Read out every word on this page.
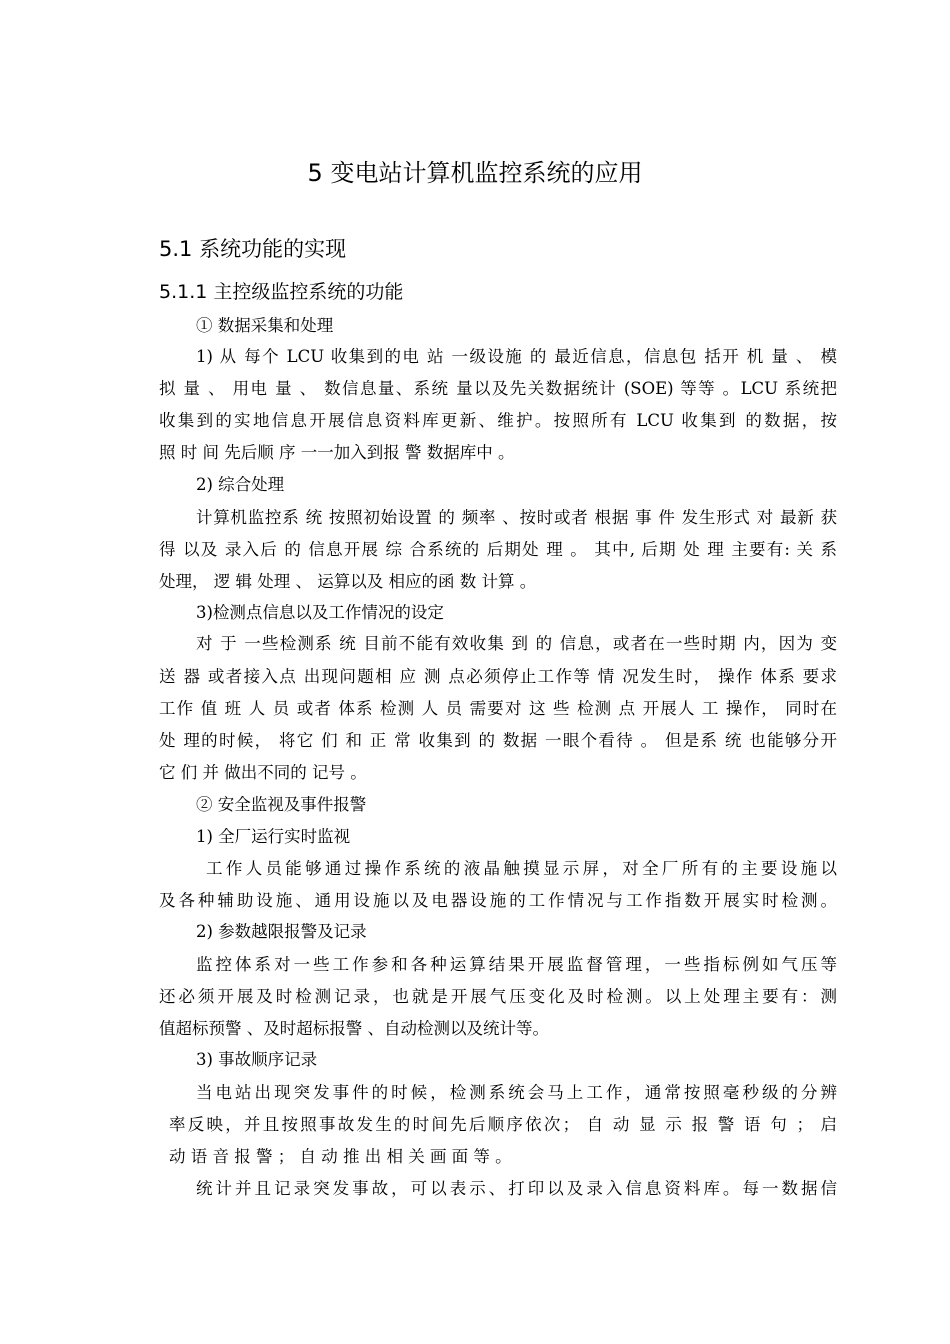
5 变电站计算机监控系统的应用
5.1 系统功能的实现
5.1.1 主控级监控系统的功能
① 数据采集和处理
1) 从 每个 LCU 收集到的电 站 一级设施 的 最近信息，信息包 括开 机 量 、 模
拟 量 、 用电 量 、 数信息量、系统 量以及先关数据统计 (SOE) 等等 。LCU 系统把
收集到的实地信息开展信息资料库更新、维护。按照所有 LCU 收集到 的数据，按
照 时 间 先后顺 序 一一加入到报 警 数据库中 。
2) 综合处理
计算机监控系 统 按照初始设置 的 频率 、按时或者 根据 事 件 发生形式 对 最新 获
得 以及 录入后 的 信息开展 综 合系统的 后期处 理 。 其中, 后期 处 理 主要有: 关 系
处理， 逻 辑 处理 、 运算以及 相应的函 数 计算 。
3)检测点信息以及工作情况的设定
对 于 一些检测系 统 目前不能有效收集 到 的 信息，或者在一些时期 内，因为 变
送 器 或者接入点 出现问题相 应 测 点必须停止工作等 情 况发生时， 操作 体系 要求
工作 值 班 人 员 或者 体系 检测 人 员 需要对 这 些 检测 点 开展人 工 操作， 同时在
处 理的时候， 将它 们 和 正 常 收集到 的 数据 一眼个看待 。 但是系 统 也能够分开
它 们 并 做出不同的 记号 。
② 安全监视及事件报警
1) 全厂运行实时监视
工作人员能够通过操作系统的液晶触摸显示屏，对全厂所有的主要设施以
及各种辅助设施、通用设施以及电器设施的工作情况与工作指数开展实时检测。
2) 参数越限报警及记录
监控体系对一些工作参和各种运算结果开展监督管理，一些指标例如气压等
还必须开展及时检测记录，也就是开展气压变化及时检测。以上处理主要有：测
值超标预警 、及时超标报警 、自动检测以及统计等。
3) 事故顺序记录
当电站出现突发事件的时候，检测系统会马上工作，通常按照毫秒级的分辨
率反映，并且按照事故发生的时间先后顺序依次； 自 动 显 示 报 警 语 句 ； 启
动 语 音 报 警 ； 自 动 推 出 相 关 画 面 等 。
统计并且记录突发事故，可以表示、打印以及录入信息资料库。每一数据信
